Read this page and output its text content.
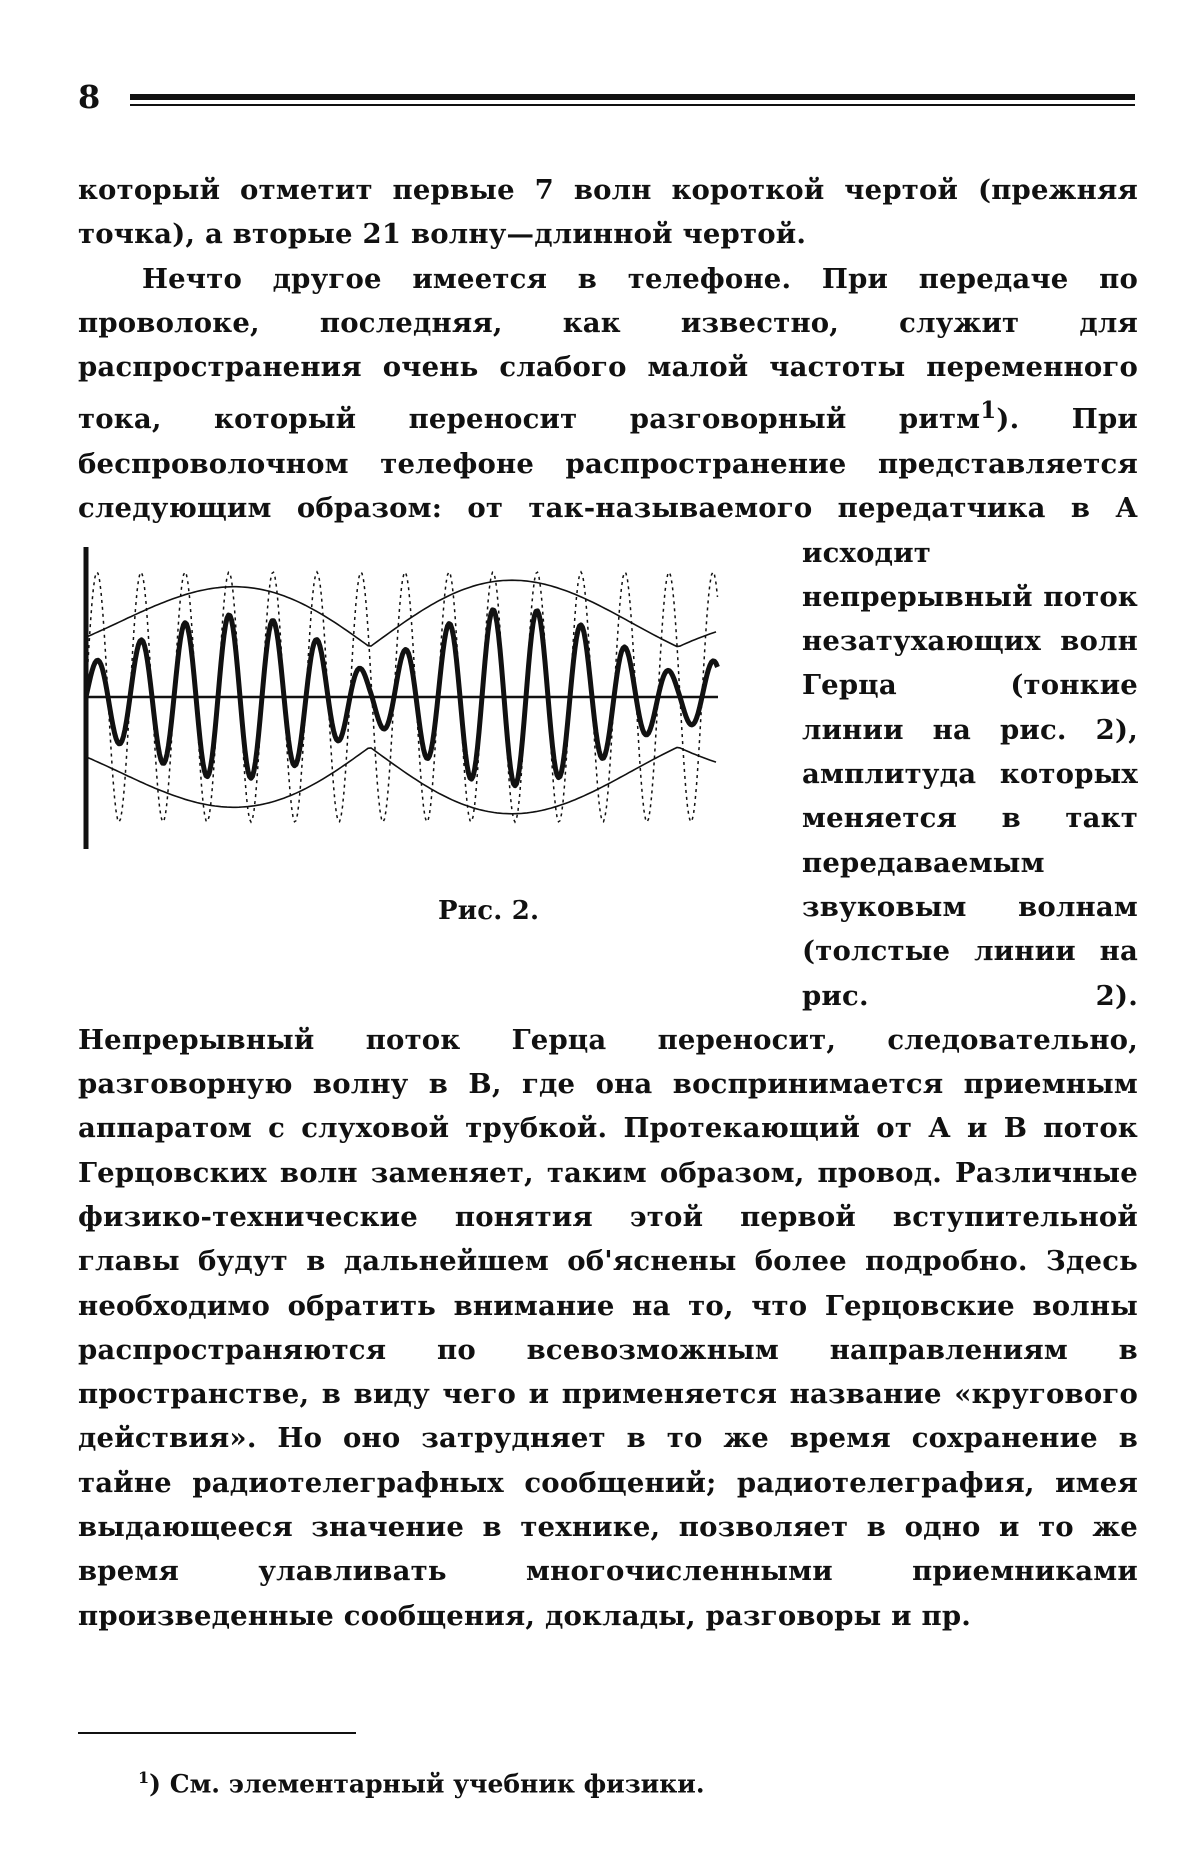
8

который отметит первые 7 волн короткой чертой (прежняя точка), а вторые 21 волну—длинной чертой.

Нечто другое имеется в телефоне. При передаче по проволоке, последняя, как известно, служит для распространения очень слабого малой частоты переменного тока, который переносит разговорный ритм$^1$). При беспроволочном телефоне распространение представляется следующим образом: от так-называемого передатчика в А исходит
Рис. 2.
непрерывный поток незатухающих волн Герца (тонкие линии на рис. 2), амплитуда которых меняется в такт передаваемым звуковым волнам (толстые линии на рис. 2). Непрерывный поток Герца переносит, следовательно, разговорную волну в В, где она воспринимается приемным аппаратом с слуховой трубкой. Протекающий от А и В поток Герцовских волн заменяет, таким образом, провод. Различные физико-технические понятия этой первой вступительной главы будут в дальнейшем об'яснены более подробно. Здесь необходимо обратить внимание на то, что Герцовские волны распространяются по всевозможным направлениям в пространстве, в виду чего и применяется название «кругового действия». Но оно затрудняет в то же время сохранение в тайне радиотелеграфных сообщений; радиотелеграфия, имея выдающееся значение в технике, позволяет в одно и то же время улавливать многочисленными приемниками произведенные сообщения, доклады, разговоры и пр.

$^1$) См. элементарный учебник физики.
